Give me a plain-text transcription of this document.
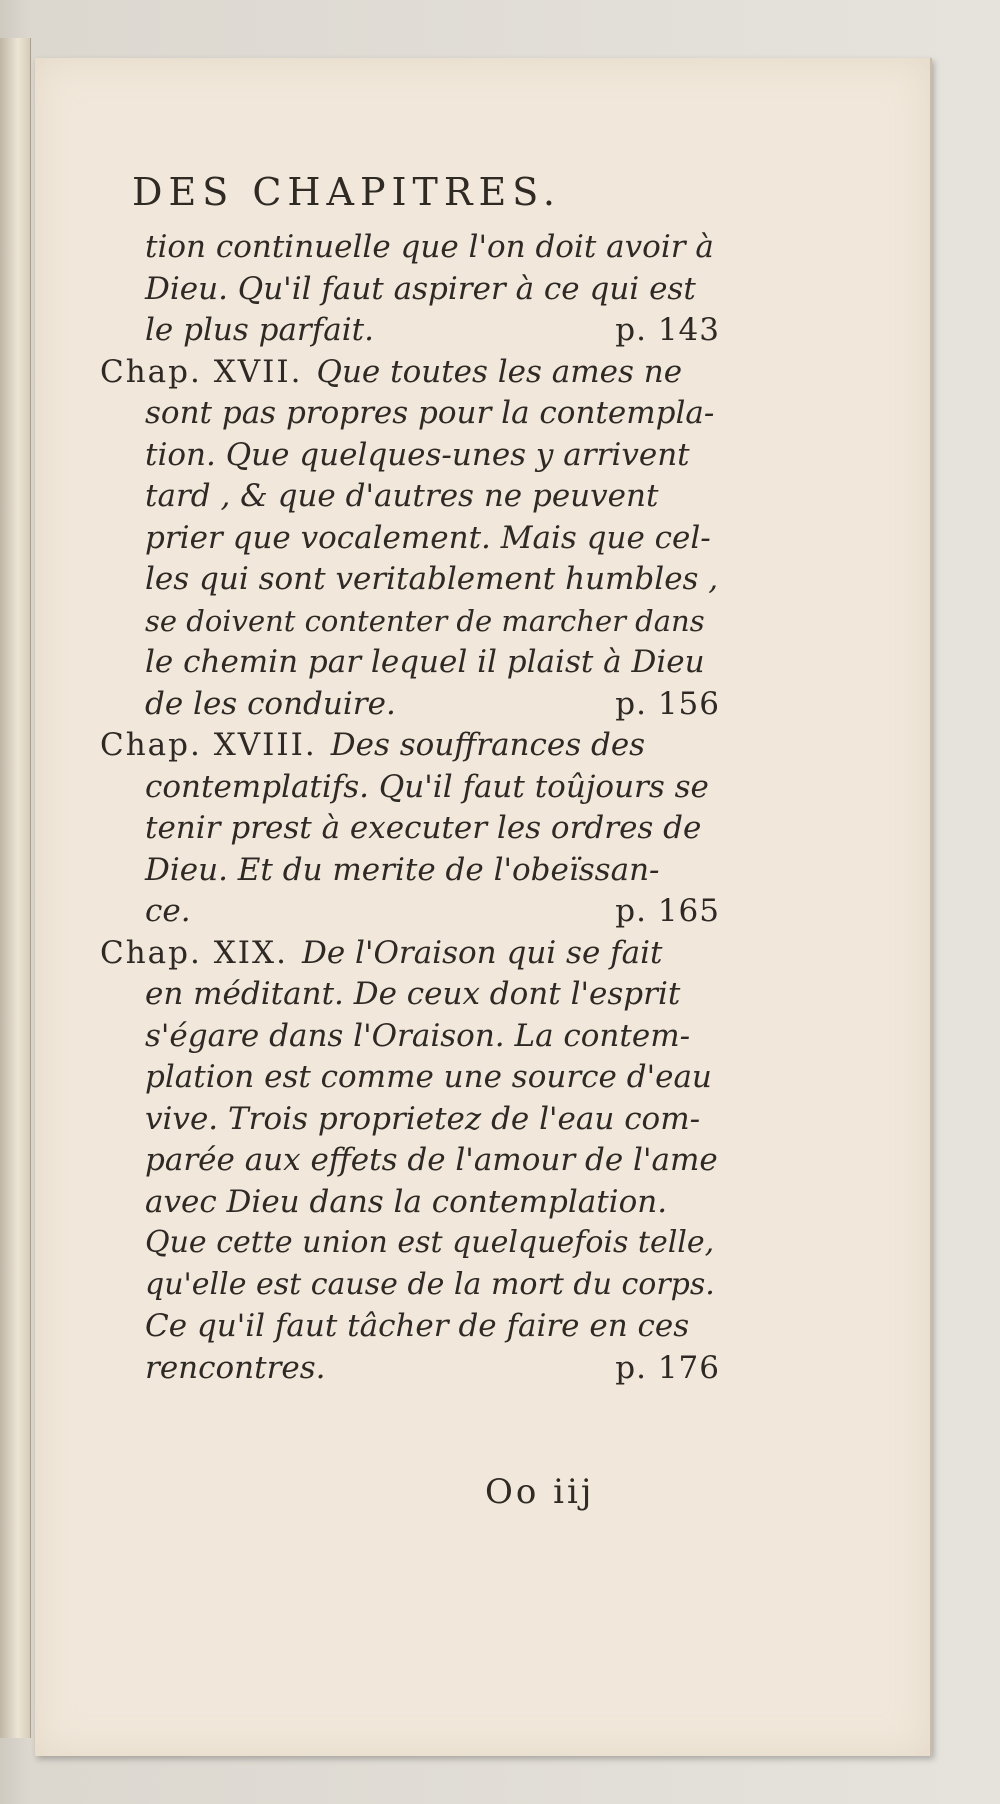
DES CHAPITRES.
tion continuelle que l'on doit avoir à
Dieu. Qu'il faut aspirer à ce qui est
le plus parfait.	p. 143
Chap. XVII. Que toutes les ames ne
sont pas propres pour la contempla-
tion. Que quelques-unes y arrivent
tard , & que d'autres ne peuvent
prier que vocalement. Mais que cel-
les qui sont veritablement humbles ,
se doivent contenter de marcher dans
le chemin par lequel il plaist à Dieu
de les conduire.	p. 156
Chap. XVIII. Des souffrances des
contemplatifs. Qu'il faut toûjours se
tenir prest à executer les ordres de
Dieu. Et du merite de l'obeïssan-
ce.	p. 165
Chap. XIX. De l'Oraison qui se fait
en méditant. De ceux dont l'esprit
s'égare dans l'Oraison. La contem-
plation est comme une source d'eau
vive. Trois proprietez de l'eau com-
parée aux effets de l'amour de l'ame
avec Dieu dans la contemplation.
Que cette union est quelquefois telle,
qu'elle est cause de la mort du corps.
Ce qu'il faut tâcher de faire en ces
rencontres.	p. 176
Oo iij
